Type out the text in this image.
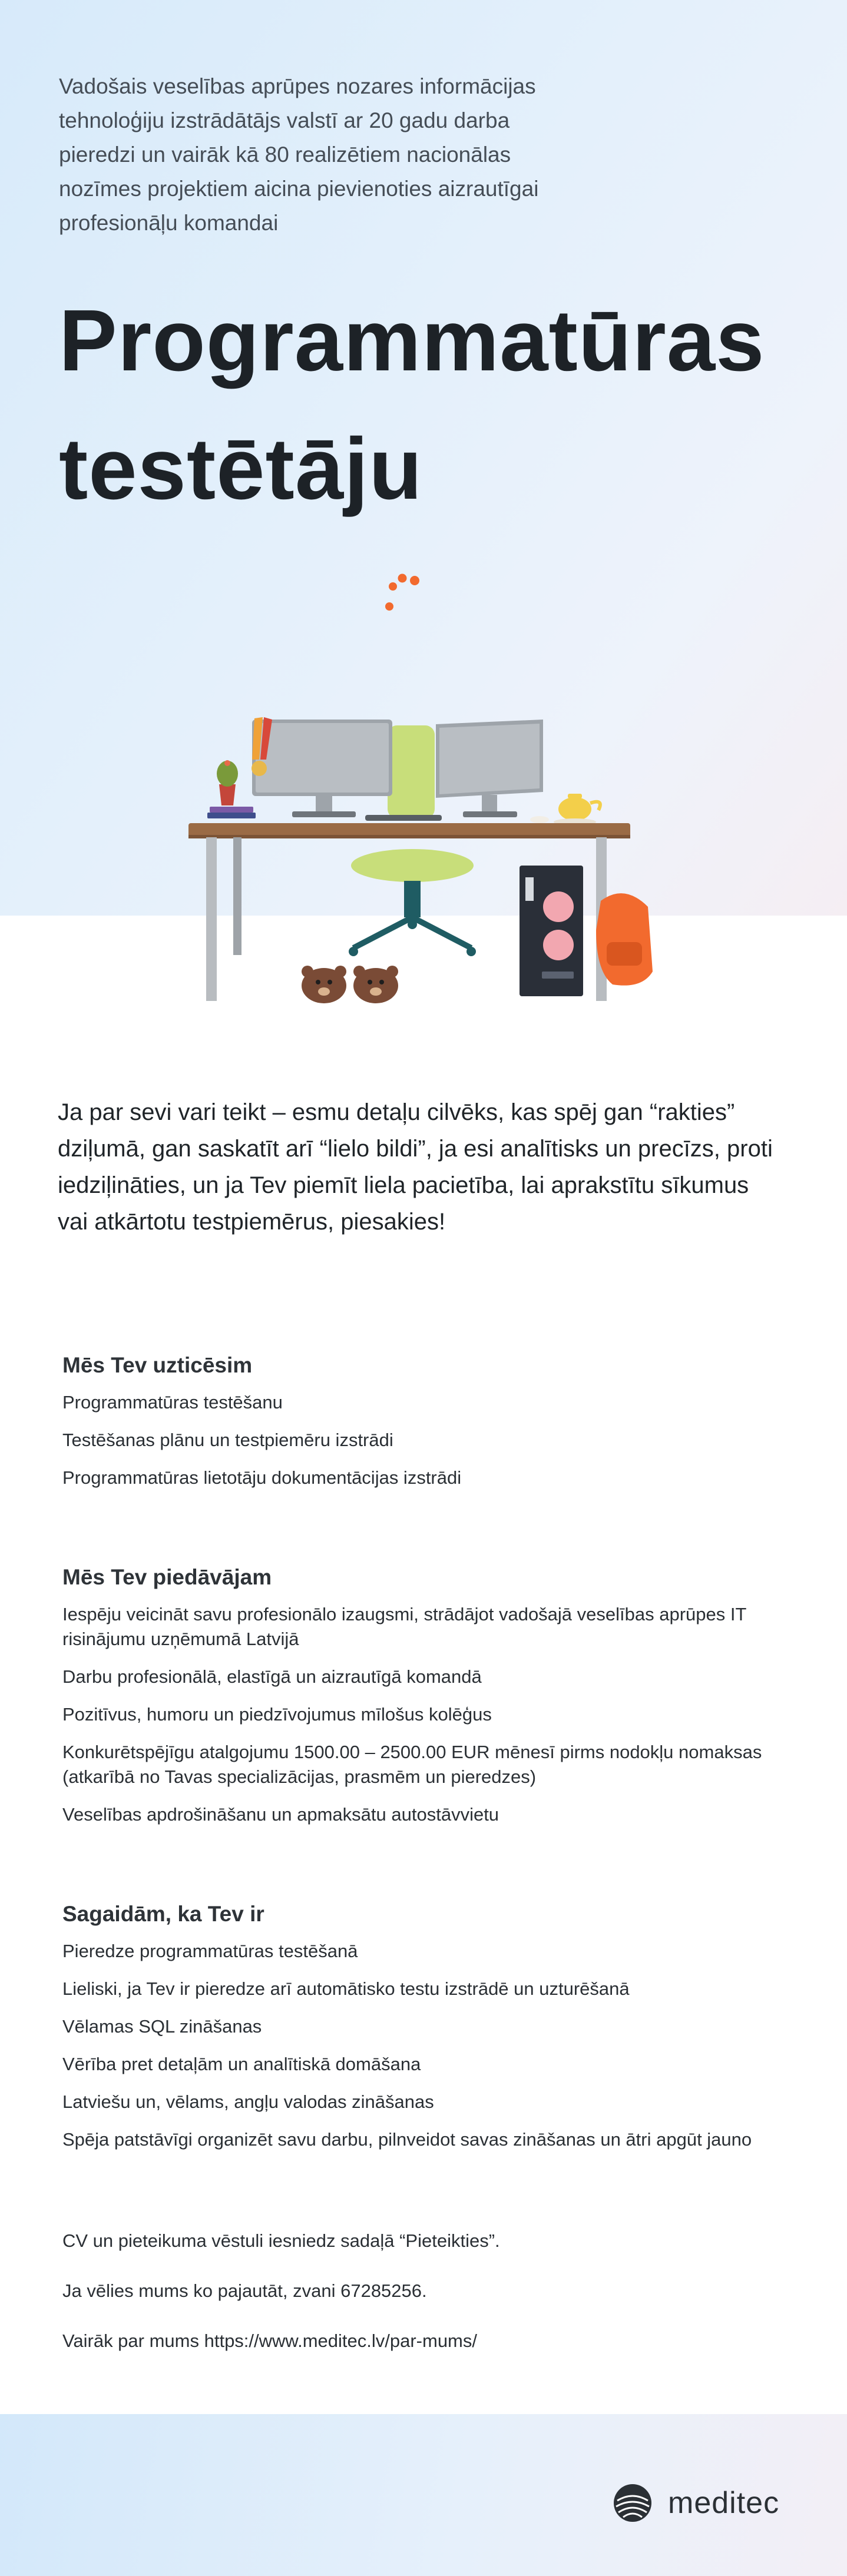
Vadošais veselības aprūpes nozares informācijas tehnoloģiju izstrādātājs valstī ar 20 gadu darba pieredzi un vairāk kā 80 realizētiem nacionālas nozīmes projektiem aicina pievienoties aizrautīgai profesionāļu komandai

Programmatūras
testētāju

Ja par sevi vari teikt – esmu detaļu cilvēks, kas spēj gan “rakties” dziļumā, gan saskatīt arī “lielo bildi”, ja esi analītisks un precīzs, proti iedziļināties, un ja Tev piemīt liela pacietība, lai aprakstītu sīkumus vai atkārtotu testpiemērus, piesakies!

Mēs Tev uzticēsim
Programmatūras testēšanu
Testēšanas plānu un testpiemēru izstrādi
Programmatūras lietotāju dokumentācijas izstrādi
Mēs Tev piedāvājam
Iespēju veicināt savu profesionālo izaugsmi, strādājot vadošajā veselības aprūpes IT risinājumu uzņēmumā Latvijā
Darbu profesionālā, elastīgā un aizrautīgā komandā
Pozitīvus, humoru un piedzīvojumus mīlošus kolēģus
Konkurētspējīgu atalgojumu 1500.00 – 2500.00 EUR mēnesī pirms nodokļu nomaksas (atkarībā no Tavas specializācijas, prasmēm un pieredzes)
Veselības apdrošināšanu un apmaksātu autostāvvietu
Sagaidām, ka Tev ir
Pieredze programmatūras testēšanā
Lieliski, ja Tev ir pieredze arī automātisko testu izstrādē un uzturēšanā
Vēlamas SQL zināšanas
Vērība pret detaļām un analītiskā domāšana
Latviešu un, vēlams, angļu valodas zināšanas
Spēja patstāvīgi organizēt savu darbu, pilnveidot savas zināšanas un ātri apgūt jauno

CV un pieteikuma vēstuli iesniedz sadaļā “Pieteikties”.

Ja vēlies mums ko pajautāt, zvani 67285256.

Vairāk par mums https://www.meditec.lv/par-mums/

meditec
